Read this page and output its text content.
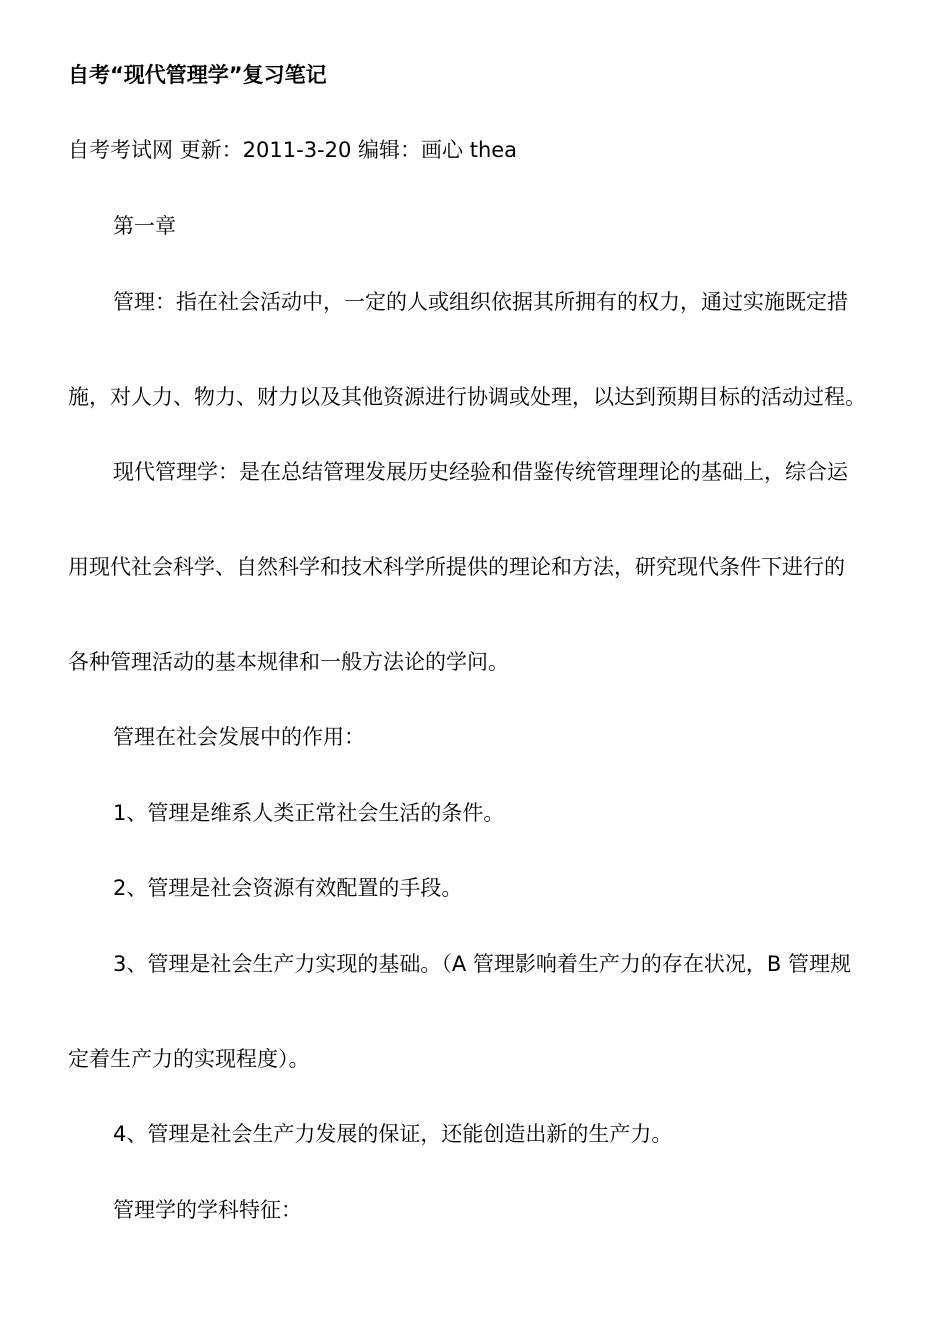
自考“现代管理学”复习笔记
自考考试网 更新：2011-3-20 编辑：画心 thea
第一章
管理：指在社会活动中，一定的人或组织依据其所拥有的权力，通过实施既定措
施，对人力、物力、财力以及其他资源进行协调或处理，以达到预期目标的活动过程。
现代管理学：是在总结管理发展历史经验和借鉴传统管理理论的基础上，综合运
用现代社会科学、自然科学和技术科学所提供的理论和方法，研究现代条件下进行的
各种管理活动的基本规律和一般方法论的学问。
管理在社会发展中的作用：
1、管理是维系人类正常社会生活的条件。
2、管理是社会资源有效配置的手段。
3、管理是社会生产力实现的基础。（A 管理影响着生产力的存在状况，B 管理规
定着生产力的实现程度）。
4、管理是社会生产力发展的保证，还能创造出新的生产力。
管理学的学科特征：
